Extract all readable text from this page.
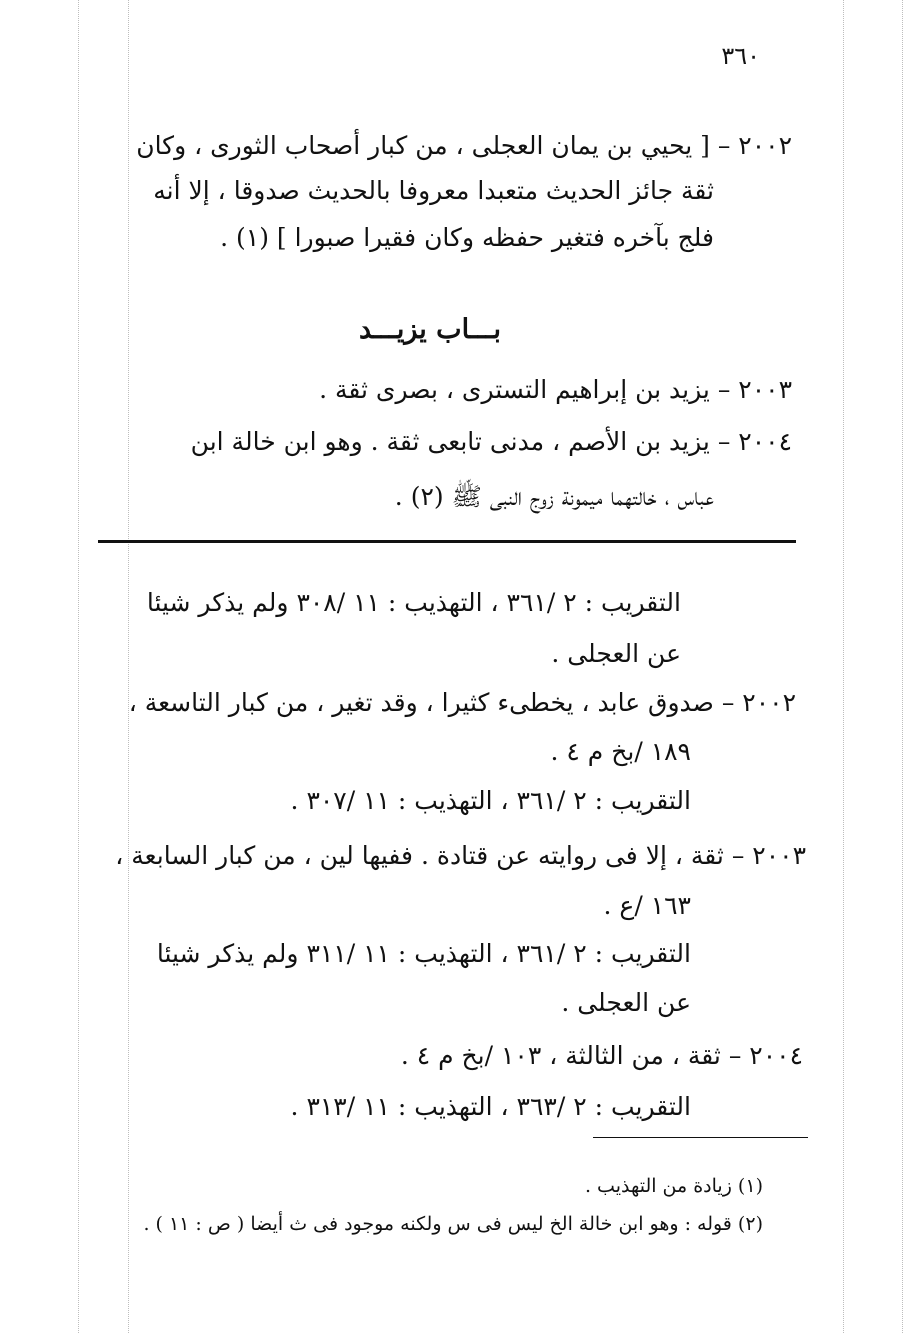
٣٦٠
٢٠٠٢ – [ يحيي بن يمان العجلى ، من كبار أصحاب الثورى ، وكان
ثقة جائز الحديث متعبدا معروفا بالحديث صدوقا ، إلا أنه
فلج بآخره فتغير حفظه وكان فقيرا صبورا ] (١) .
بـــاب يزيـــد
٢٠٠٣ – يزيد بن إبراهيم التسترى ، بصرى ثقة .
٢٠٠٤ – يزيد بن الأصم ، مدنى تابعى ثقة . وهو ابن خالة ابن
عباس ، خالتهما ميمونة زوج النبى ﷺ (٢) .
التقريب : ٢ /٣٦١ ، التهذيب : ١١ /٣٠٨ ولم يذكر شيئا
عن العجلى .
٢٠٠٢ – صدوق عابد ، يخطىء كثيرا ، وقد تغير ، من كبار التاسعة ،
١٨٩ /بخ م ٤ .
التقريب : ٢ /٣٦١ ، التهذيب : ١١ /٣٠٧ .
٢٠٠٣ – ثقة ، إلا فى روايته عن قتادة . ففيها لين ، من كبار السابعة ،
١٦٣ /ع .
التقريب : ٢ /٣٦١ ، التهذيب : ١١ /٣١١ ولم يذكر شيئا
عن العجلى .
٢٠٠٤ – ثقة ، من الثالثة ، ١٠٣ /بخ م ٤ .
التقريب : ٢ /٣٦٣ ، التهذيب : ١١ /٣١٣ .
(١) زيادة من التهذيب .
(٢) قوله : وهو ابن خالة الخ ليس فى س ولكنه موجود فى ث أيضا ( ص : ١١ ) .
